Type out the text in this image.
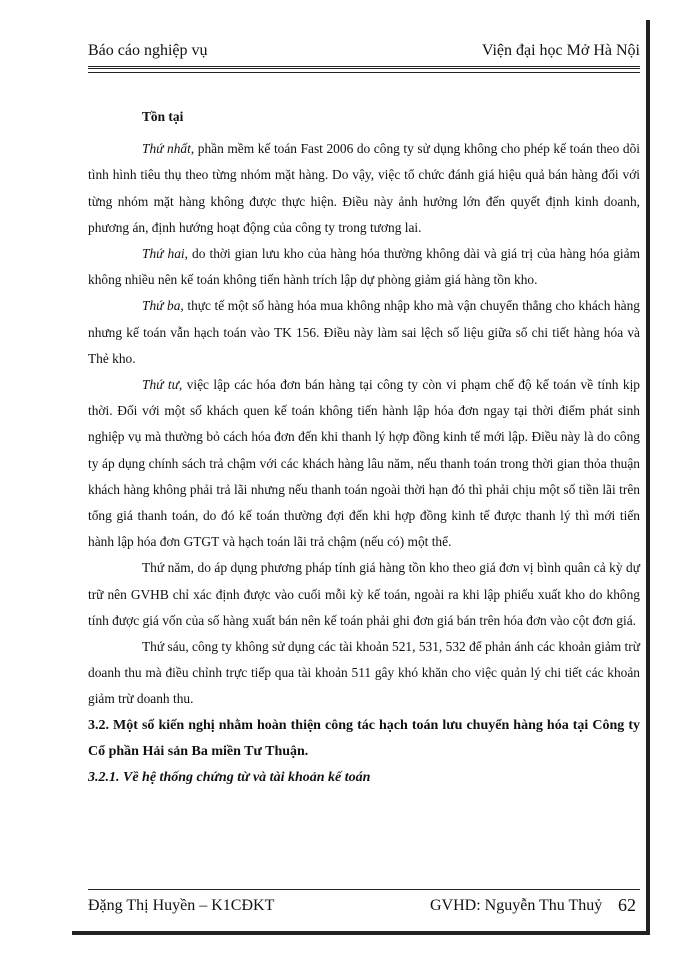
Báo cáo nghiệp vụ	Viện đại học Mở Hà Nội

Tồn tại

Thứ nhất, phần mềm kế toán Fast 2006 do công ty sử dụng không cho phép kế toán theo dõi tình hình tiêu thụ theo từng nhóm mặt hàng. Do vậy, việc tổ chức đánh giá hiệu quả bán hàng đối với từng nhóm mặt hàng không được thực hiện. Điều này ảnh hưởng lớn đến quyết định kinh doanh, phương án, định hướng hoạt động của công ty trong tương lai.

Thứ hai, do thời gian lưu kho của hàng hóa thường không dài và giá trị của hàng hóa giảm không nhiều nên kế toán không tiến hành trích lập dự phòng giảm giá hàng tồn kho.

Thứ ba, thực tế một số hàng hóa mua không nhập kho mà vận chuyển thẳng cho khách hàng nhưng kế toán vẫn hạch toán vào TK 156. Điều này làm sai lệch số liệu giữa sổ chi tiết hàng hóa và Thẻ kho.

Thứ tư, việc lập các hóa đơn bán hàng tại công ty còn vi phạm chế độ kế toán về tính kịp thời. Đối với một số khách quen kế toán không tiến hành lập hóa đơn ngay tại thời điểm phát sinh nghiệp vụ mà thường bỏ cách hóa đơn đến khi thanh lý hợp đồng kinh tế mới lập. Điều này là do công ty áp dụng chính sách trả chậm với các khách hàng lâu năm, nếu thanh toán trong thời gian thỏa thuận khách hàng không phải trả lãi nhưng nếu thanh toán ngoài thời hạn đó thì phải chịu một số tiền lãi trên tổng giá thanh toán, do đó kế toán thường đợi đến khi hợp đồng kinh tế được thanh lý thì mới tiến hành lập hóa đơn GTGT và hạch toán lãi trả chậm (nếu có) một thể.

Thứ năm, do áp dụng phương pháp tính giá hàng tồn kho theo giá đơn vị bình quân cả kỳ dự trữ nên GVHB chỉ xác định được vào cuối mỗi kỳ kế toán, ngoài ra khi lập phiếu xuất kho do không tính được giá vốn của số hàng xuất bán nên kế toán phải ghi đơn giá bán trên hóa đơn vào cột đơn giá.

Thứ sáu, công ty không sử dụng các tài khoản 521, 531, 532 để phản ánh các khoản giảm trừ doanh thu mà điều chỉnh trực tiếp qua tài khoản 511 gây khó khăn cho việc quản lý chi tiết các khoản giảm trừ doanh thu.

3.2. Một số kiến nghị nhằm hoàn thiện công tác hạch toán lưu chuyển hàng hóa tại Công ty Cổ phần Hải sản Ba miền Tư Thuận.

3.2.1. Về hệ thống chứng từ và tài khoản kế toán

Đặng Thị Huyền – K1CĐKT	GVHD: Nguyễn Thu Thuỷ 62
